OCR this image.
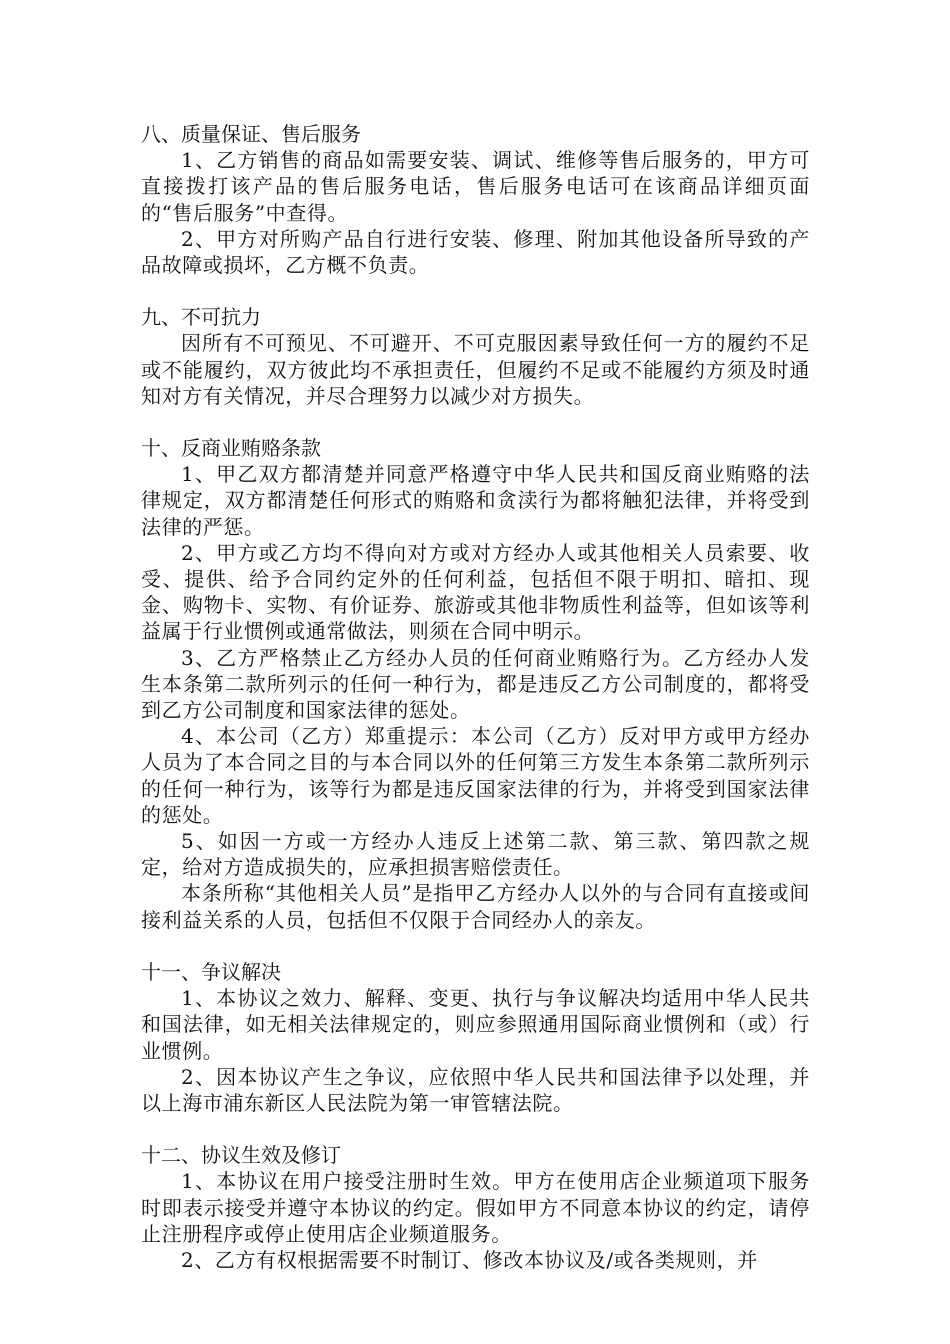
八、质量保证、售后服务

1、乙方销售的商品如需要安装、调试、维修等售后服务的，甲方可直接拨打该产品的售后服务电话，售后服务电话可在该商品详细页面的“售后服务”中查得。

2、甲方对所购产品自行进行安装、修理、附加其他设备所导致的产品故障或损坏，乙方概不负责。

九、不可抗力

因所有不可预见、不可避开、不可克服因素导致任何一方的履约不足或不能履约，双方彼此均不承担责任，但履约不足或不能履约方须及时通知对方有关情况，并尽合理努力以减少对方损失。

十、反商业贿赂条款

1、甲乙双方都清楚并同意严格遵守中华人民共和国反商业贿赂的法律规定，双方都清楚任何形式的贿赂和贪渎行为都将触犯法律，并将受到法律的严惩。

2、甲方或乙方均不得向对方或对方经办人或其他相关人员索要、收受、提供、给予合同约定外的任何利益，包括但不限于明扣、暗扣、现金、购物卡、实物、有价证券、旅游或其他非物质性利益等，但如该等利益属于行业惯例或通常做法，则须在合同中明示。

3、乙方严格禁止乙方经办人员的任何商业贿赂行为。乙方经办人发生本条第二款所列示的任何一种行为，都是违反乙方公司制度的，都将受到乙方公司制度和国家法律的惩处。

4、本公司（乙方）郑重提示：本公司（乙方）反对甲方或甲方经办人员为了本合同之目的与本合同以外的任何第三方发生本条第二款所列示的任何一种行为，该等行为都是违反国家法律的行为，并将受到国家法律的惩处。

5、如因一方或一方经办人违反上述第二款、第三款、第四款之规定，给对方造成损失的，应承担损害赔偿责任。

本条所称“其他相关人员”是指甲乙方经办人以外的与合同有直接或间接利益关系的人员，包括但不仅限于合同经办人的亲友。

十一、争议解决

1、本协议之效力、解释、变更、执行与争议解决均适用中华人民共和国法律，如无相关法律规定的，则应参照通用国际商业惯例和（或）行业惯例。

2、因本协议产生之争议，应依照中华人民共和国法律予以处理，并以上海市浦东新区人民法院为第一审管辖法院。

十二、协议生效及修订

1、本协议在用户接受注册时生效。甲方在使用店企业频道项下服务时即表示接受并遵守本协议的约定。假如甲方不同意本协议的约定，请停止注册程序或停止使用店企业频道服务。

2、乙方有权根据需要不时制订、修改本协议及/或各类规则，并
